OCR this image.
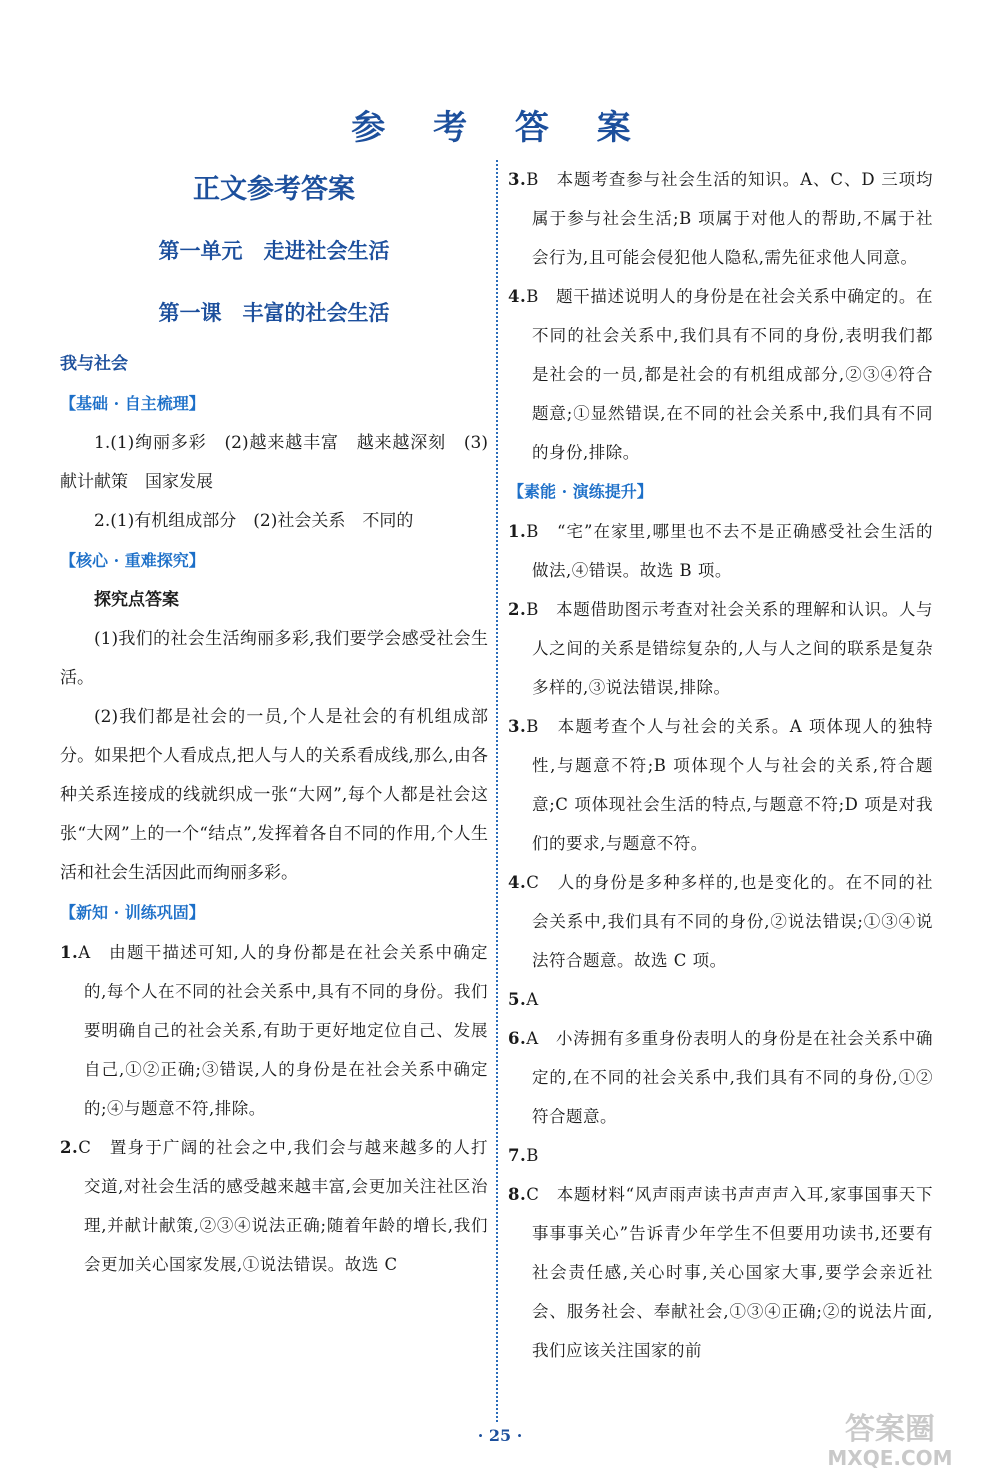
参 考 答 案
正文参考答案
第一单元　走进社会生活
第一课　丰富的社会生活
我与社会
【基础 · 自主梳理】
1.(1)绚丽多彩　(2)越来越丰富　越来越深刻　(3)献计献策　国家发展
2.(1)有机组成部分　(2)社会关系　不同的
【核心 · 重难探究】
探究点答案
(1)我们的社会生活绚丽多彩,我们要学会感受社会生活。
(2)我们都是社会的一员,个人是社会的有机组成部分。如果把个人看成点,把人与人的关系看成线,那么,由各种关系连接成的线就织成一张“大网”,每个人都是社会这张“大网”上的一个“结点”,发挥着各自不同的作用,个人生活和社会生活因此而绚丽多彩。
【新知 · 训练巩固】
1.A　由题干描述可知,人的身份都是在社会关系中确定的,每个人在不同的社会关系中,具有不同的身份。我们要明确自己的社会关系,有助于更好地定位自己、发展自己,①②正确;③错误,人的身份是在社会关系中确定的;④与题意不符,排除。
2.C　置身于广阔的社会之中,我们会与越来越多的人打交道,对社会生活的感受越来越丰富,会更加关注社区治理,并献计献策,②③④说法正确;随着年龄的增长,我们会更加关心国家发展,①说法错误。故选 C
3.B　本题考查参与社会生活的知识。A、C、D 三项均属于参与社会生活;B 项属于对他人的帮助,不属于社会行为,且可能会侵犯他人隐私,需先征求他人同意。
4.B　题干描述说明人的身份是在社会关系中确定的。在不同的社会关系中,我们具有不同的身份,表明我们都是社会的一员,都是社会的有机组成部分,②③④符合题意;①显然错误,在不同的社会关系中,我们具有不同的身份,排除。
【素能 · 演练提升】
1.B　“宅”在家里,哪里也不去不是正确感受社会生活的做法,④错误。故选 B 项。
2.B　本题借助图示考查对社会关系的理解和认识。人与人之间的关系是错综复杂的,人与人之间的联系是复杂多样的,③说法错误,排除。
3.B　本题考查个人与社会的关系。A 项体现人的独特性,与题意不符;B 项体现个人与社会的关系,符合题意;C 项体现社会生活的特点,与题意不符;D 项是对我们的要求,与题意不符。
4.C　人的身份是多种多样的,也是变化的。在不同的社会关系中,我们具有不同的身份,②说法错误;①③④说法符合题意。故选 C 项。
5.A
6.A　小涛拥有多重身份表明人的身份是在社会关系中确定的,在不同的社会关系中,我们具有不同的身份,①②符合题意。
7.B
8.C　本题材料“风声雨声读书声声声入耳,家事国事天下事事事关心”告诉青少年学生不但要用功读书,还要有社会责任感,关心时事,关心国家大事,要学会亲近社会、服务社会、奉献社会,①③④正确;②的说法片面,我们应该关注国家的前
· 25 ·	答案圈
MXQE.COM
